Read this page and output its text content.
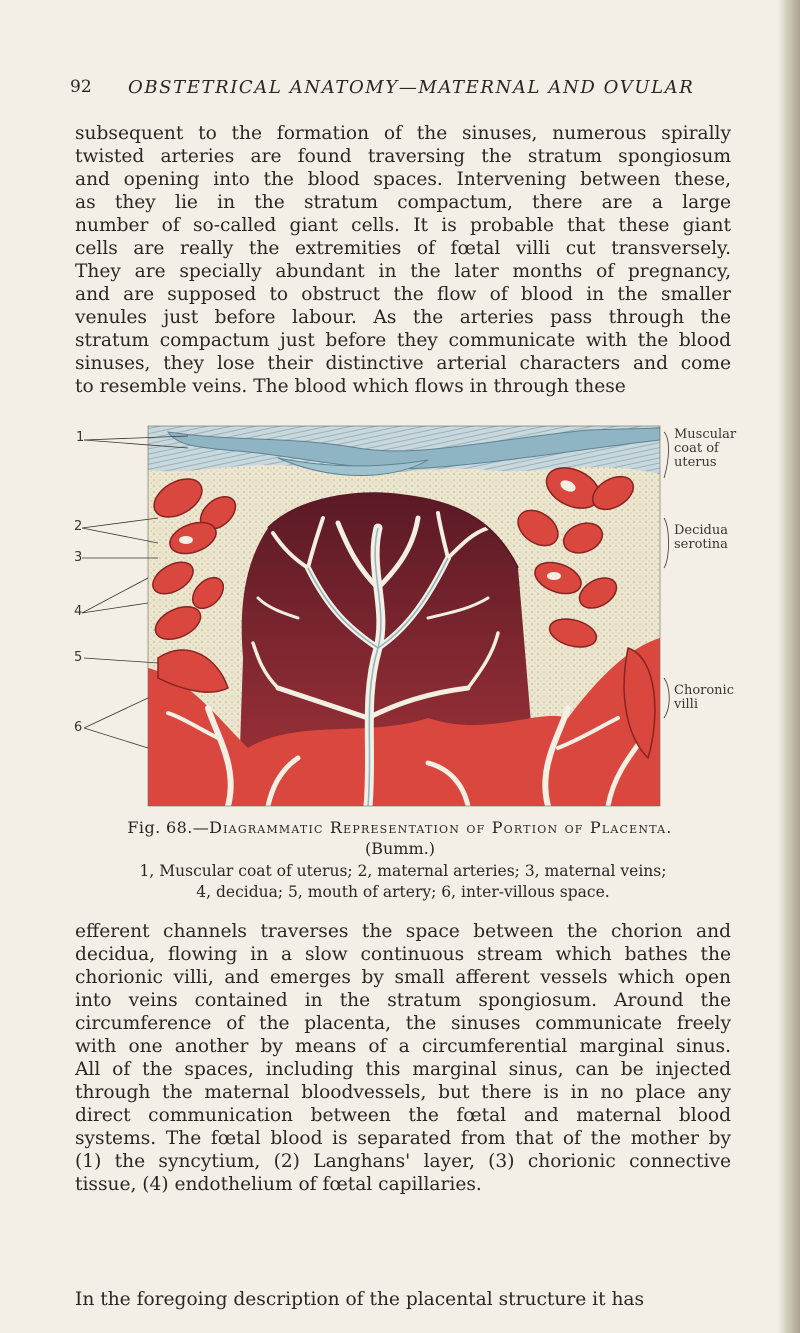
92 OBSTETRICAL ANATOMY—MATERNAL AND OVULAR
subsequent to the formation of the sinuses, numerous spirally
twisted arteries are found traversing the stratum spongiosum
and opening into the blood spaces. Intervening between these,
as they lie in the stratum compactum, there are a large
number of so-called giant cells. It is probable that these giant
cells are really the extremities of fœtal villi cut transversely.
They are specially abundant in the later months of pregnancy,
and are supposed to obstruct the flow of blood in the smaller
venules just before labour. As the arteries pass through the
stratum compactum just before they communicate with the blood
sinuses, they lose their distinctive arterial characters and come
to resemble veins. The blood which flows in through these
1
2
3
4
5
6
Muscular
coat of
uterus
Decidua
serotina
Choronic
villi
Fig. 68.—Diagrammatic Representation of Portion of Placenta.
(Bumm.)
1, Muscular coat of uterus; 2, maternal arteries; 3, maternal veins;
4, decidua; 5, mouth of artery; 6, inter-villous space.
efferent channels traverses the space between the chorion and
decidua, flowing in a slow continuous stream which bathes the
chorionic villi, and emerges by small afferent vessels which open
into veins contained in the stratum spongiosum. Around the
circumference of the placenta, the sinuses communicate freely
with one another by means of a circumferential marginal sinus.
All of the spaces, including this marginal sinus, can be injected
through the maternal bloodvessels, but there is in no place any
direct communication between the fœtal and maternal blood
systems. The fœtal blood is separated from that of the mother by
(1) the syncytium, (2) Langhans' layer, (3) chorionic connective
tissue, (4) endothelium of fœtal capillaries.
In the foregoing description of the placental structure it has
